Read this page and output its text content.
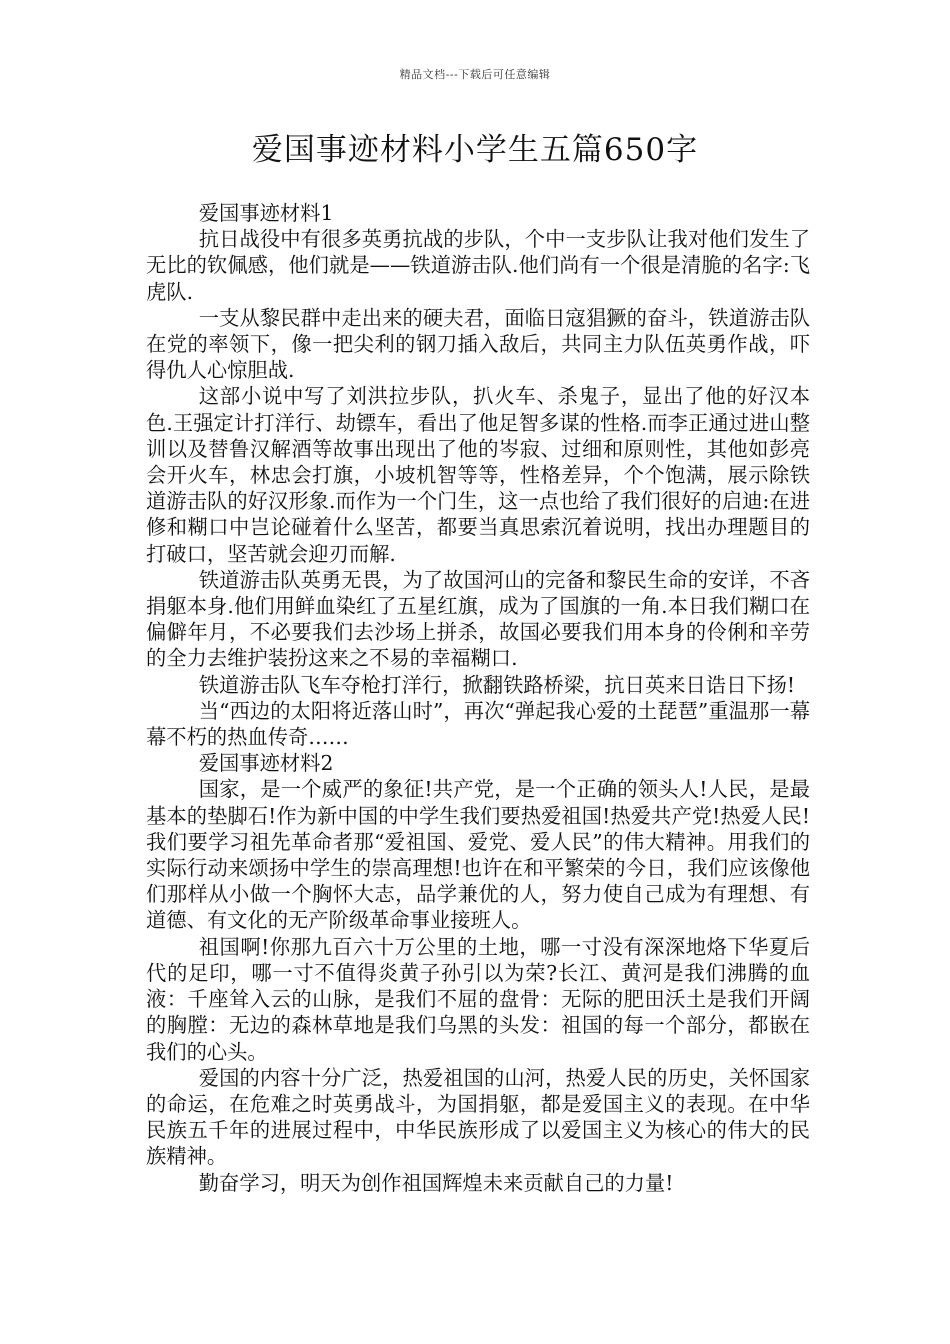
精品文档---下载后可任意编辑
爱国事迹材料小学生五篇650字

爱国事迹材料1

抗日战役中有很多英勇抗战的步队，个中一支步队让我对他们发生了无比的钦佩感，他们就是——铁道游击队.他们尚有一个很是清脆的名字:飞虎队.

一支从黎民群中走出来的硬夫君，面临日寇猖獗的奋斗，铁道游击队在党的率领下，像一把尖利的钢刀插入敌后，共同主力队伍英勇作战，吓得仇人心惊胆战.

这部小说中写了刘洪拉步队，扒火车、杀鬼子，显出了他的好汉本色.王强定计打洋行、劫镖车，看出了他足智多谋的性格.而李正通过进山整训以及替鲁汉解酒等故事出现出了他的岑寂、过细和原则性，其他如彭亮会开火车，林忠会打旗，小坡机智等等，性格差异，个个饱满，展示除铁道游击队的好汉形象.而作为一个门生，这一点也给了我们很好的启迪:在进修和糊口中岂论碰着什么坚苦，都要当真思索沉着说明，找出办理题目的打破口，坚苦就会迎刃而解.

铁道游击队英勇无畏，为了故国河山的完备和黎民生命的安详，不吝捐躯本身.他们用鲜血染红了五星红旗，成为了国旗的一角.本日我们糊口在偏僻年月，不必要我们去沙场上拼杀，故国必要我们用本身的伶俐和辛劳的全力去维护装扮这来之不易的幸福糊口.

铁道游击队飞车夺枪打洋行，掀翻铁路桥梁，抗日英来日诰日下扬!

当“西边的太阳将近落山时”，再次“弹起我心爱的土琵琶”重温那一幕幕不朽的热血传奇……

爱国事迹材料2

国家，是一个威严的象征!共产党，是一个正确的领头人!人民，是最基本的垫脚石!作为新中国的中学生我们要热爱祖国!热爱共产党!热爱人民!我们要学习祖先革命者那“爱祖国、爱党、爱人民”的伟大精神。用我们的实际行动来颂扬中学生的崇高理想!也许在和平繁荣的今日，我们应该像他们那样从小做一个胸怀大志，品学兼优的人，努力使自己成为有理想、有道德、有文化的无产阶级革命事业接班人。

祖国啊!你那九百六十万公里的土地，哪一寸没有深深地烙下华夏后代的足印，哪一寸不值得炎黄子孙引以为荣?长江、黄河是我们沸腾的血液：千座耸入云的山脉，是我们不屈的盘骨：无际的肥田沃土是我们开阔的胸膛：无边的森林草地是我们乌黑的头发：祖国的每一个部分，都嵌在我们的心头。

爱国的内容十分广泛，热爱祖国的山河，热爱人民的历史，关怀国家的命运，在危难之时英勇战斗，为国捐躯，都是爱国主义的表现。在中华民族五千年的进展过程中，中华民族形成了以爱国主义为核心的伟大的民族精神。

勤奋学习，明天为创作祖国辉煌未来贡献自己的力量!
